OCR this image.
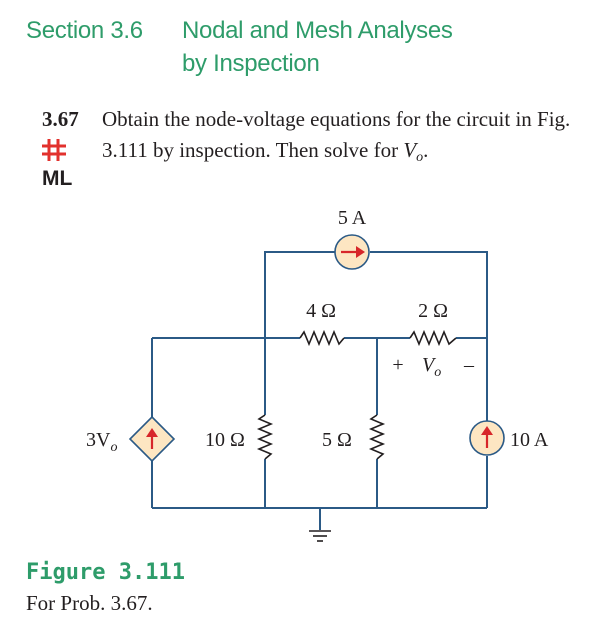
Section 3.6 Nodal and Mesh Analyses
by Inspection
3.67 Obtain the node-voltage equations for the circuit in Fig. 3.111 by inspection. Then solve for $V_o$.
ML
5 A
4 Ω	2 Ω
+ $V_o$ –
$3V_o$	10 Ω	5 Ω	10 A
Figure 3.111
For Prob. 3.67.
